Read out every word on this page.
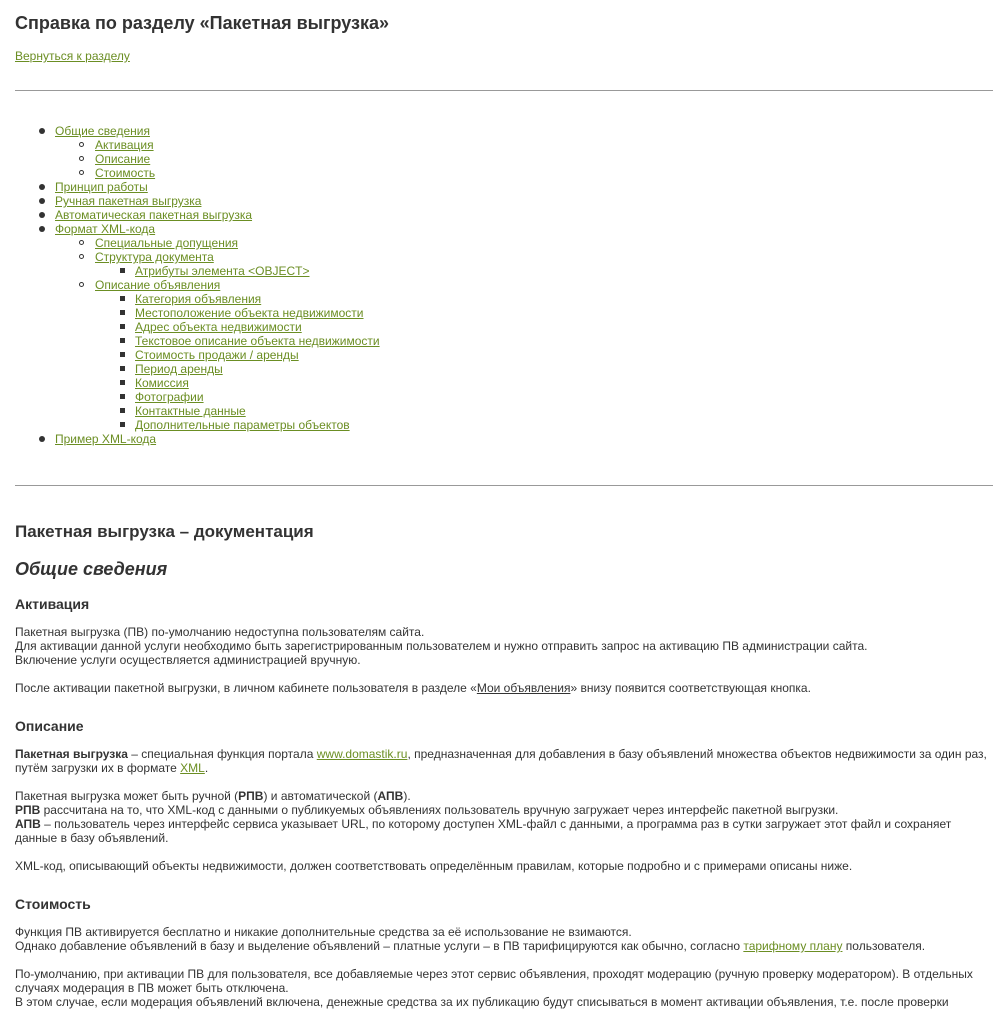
Справка по разделу «Пакетная выгрузка»
Вернуться к разделу
Общие сведения
Активация
Описание
Стоимость
Принцип работы
Ручная пакетная выгрузка
Автоматическая пакетная выгрузка
Формат XML-кода
Специальные допущения
Структура документа
Атрибуты элемента <OBJECT>
Описание объявления
Категория объявления
Местоположение объекта недвижимости
Адрес объекта недвижимости
Текстовое описание объекта недвижимости
Стоимость продажи / аренды
Период аренды
Комиссия
Фотографии
Контактные данные
Дополнительные параметры объектов
Пример XML-кода
Пакетная выгрузка – документация
Общие сведения
Активация

Пакетная выгрузка (ПВ) по-умолчанию недоступна пользователям сайта.

Для активации данной услуги необходимо быть зарегистрированным пользователем и нужно отправить запрос на активацию ПВ администрации сайта.

Включение услуги осуществляется администрацией вручную.

После активации пакетной выгрузки, в личном кабинете пользователя в разделе «Мои объявления» внизу появится соответствующая кнопка.

Описание

Пакетная выгрузка – специальная функция портала www.domastik.ru, предназначенная для добавления в базу объявлений множества объектов недвижимости за один раз,

путём загрузки их в формате XML.

Пакетная выгрузка может быть ручной (РПВ) и автоматической (АПВ).

РПВ рассчитана на то, что XML-код с данными о публикуемых объявлениях пользователь вручную загружает через интерфейс пакетной выгрузки.

АПВ – пользователь через интерфейс сервиса указывает URL, по которому доступен XML-файл с данными, а программа раз в сутки загружает этот файл и сохраняет

данные в базу объявлений.

XML-код, описывающий объекты недвижимости, должен соответствовать определённым правилам, которые подробно и с примерами описаны ниже.

Стоимость

Функция ПВ активируется бесплатно и никакие дополнительные средства за её использование не взимаются.

Однако добавление объявлений в базу и выделение объявлений – платные услуги – в ПВ тарифицируются как обычно, согласно тарифному плану пользователя.

По-умолчанию, при активации ПВ для пользователя, все добавляемые через этот сервис объявления, проходят модерацию (ручную проверку модератором). В отдельных

случаях модерация в ПВ может быть отключена.

В этом случае, если модерация объявлений включена, денежные средства за их публикацию будут списываться в момент активации объявления, т.е. после проверки
